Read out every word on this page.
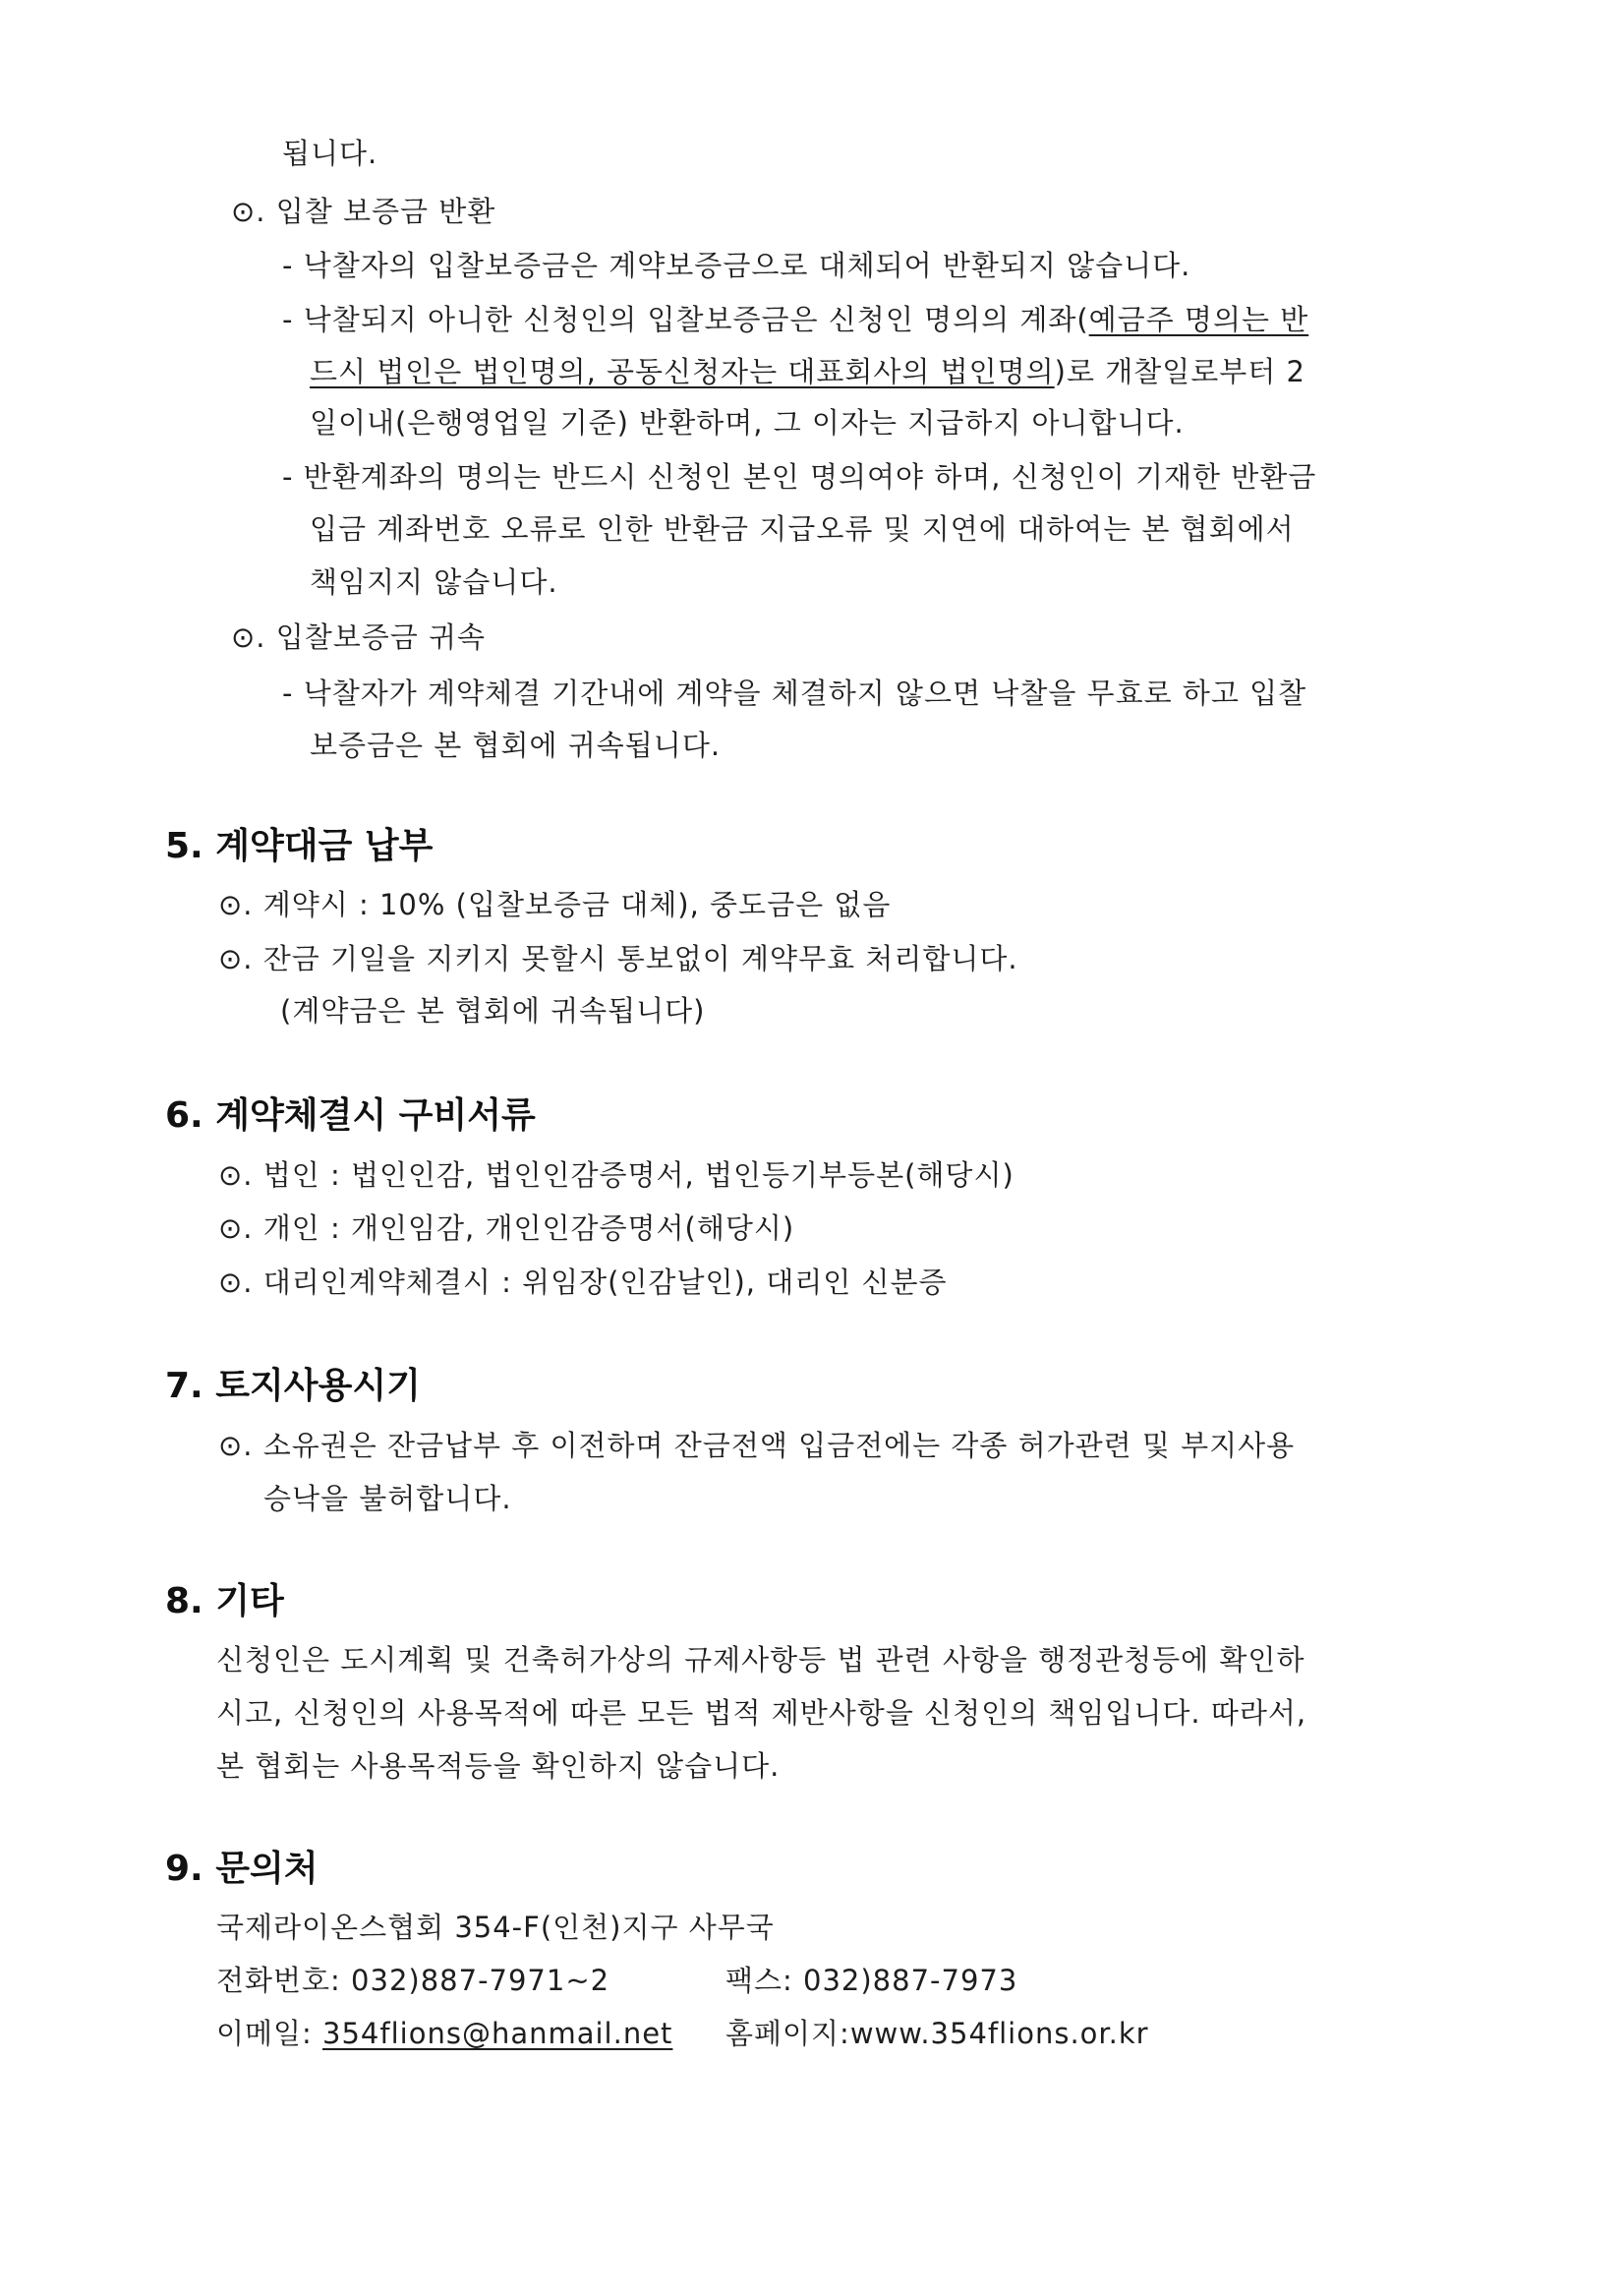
됩니다.
⊙. 입찰 보증금 반환
- 낙찰자의 입찰보증금은 계약보증금으로 대체되어 반환되지 않습니다.
- 낙찰되지 아니한 신청인의 입찰보증금은 신청인 명의의 계좌(예금주 명의는 반
드시 법인은 법인명의, 공동신청자는 대표회사의 법인명의)로 개찰일로부터 2
일이내(은행영업일 기준) 반환하며, 그 이자는 지급하지 아니합니다.
- 반환계좌의 명의는 반드시 신청인 본인 명의여야 하며, 신청인이 기재한 반환금
입금 계좌번호 오류로 인한 반환금 지급오류 및 지연에 대하여는 본 협회에서
책임지지 않습니다.
⊙. 입찰보증금 귀속
- 낙찰자가 계약체결 기간내에 계약을 체결하지 않으면 낙찰을 무효로 하고 입찰
보증금은 본 협회에 귀속됩니다.
5. 계약대금 납부
⊙. 계약시 : 10% (입찰보증금 대체), 중도금은 없음
⊙. 잔금 기일을 지키지 못할시 통보없이 계약무효 처리합니다.
(계약금은 본 협회에 귀속됩니다)
6. 계약체결시 구비서류
⊙. 법인 : 법인인감, 법인인감증명서, 법인등기부등본(해당시)
⊙. 개인 : 개인임감, 개인인감증명서(해당시)
⊙. 대리인계약체결시 : 위임장(인감날인), 대리인 신분증
7. 토지사용시기
⊙. 소유권은 잔금납부 후 이전하며 잔금전액 입금전에는 각종 허가관련 및 부지사용
승낙을 불허합니다.
8. 기타
신청인은 도시계획 및 건축허가상의 규제사항등 법 관련 사항을 행정관청등에 확인하
시고, 신청인의 사용목적에 따른 모든 법적 제반사항을 신청인의 책임입니다. 따라서,
본 협회는 사용목적등을 확인하지 않습니다.
9. 문의처
국제라이온스협회 354-F(인천)지구 사무국
전화번호: 032)887-7971~2	팩스: 032)887-7973
이메일: 354flions@hanmail.net 홈페이지:www.354flions.or.kr
